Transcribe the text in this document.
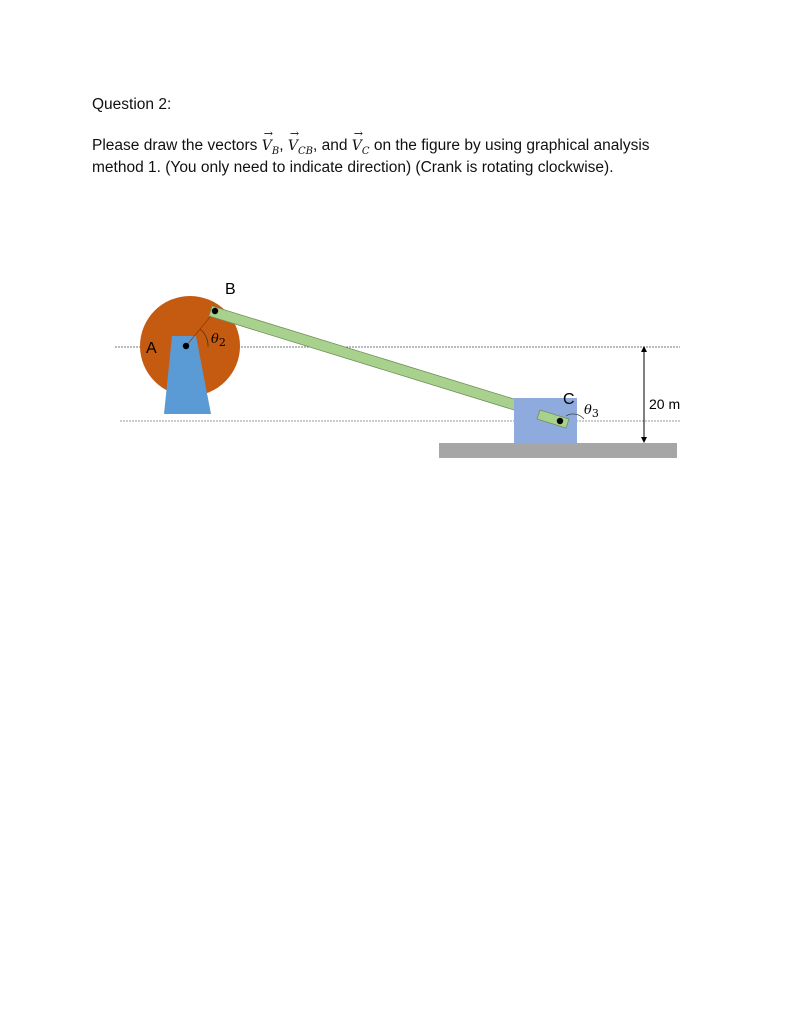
Question 2:
Please draw the vectors → $V_B$, → $V_{CB}$, and → $V_C$ on the figure by using graphical analysis
method 1. (You only need to indicate direction) (Crank is rotating clockwise).
B
A
C
$\theta_2$
$\theta_3$
20 m
